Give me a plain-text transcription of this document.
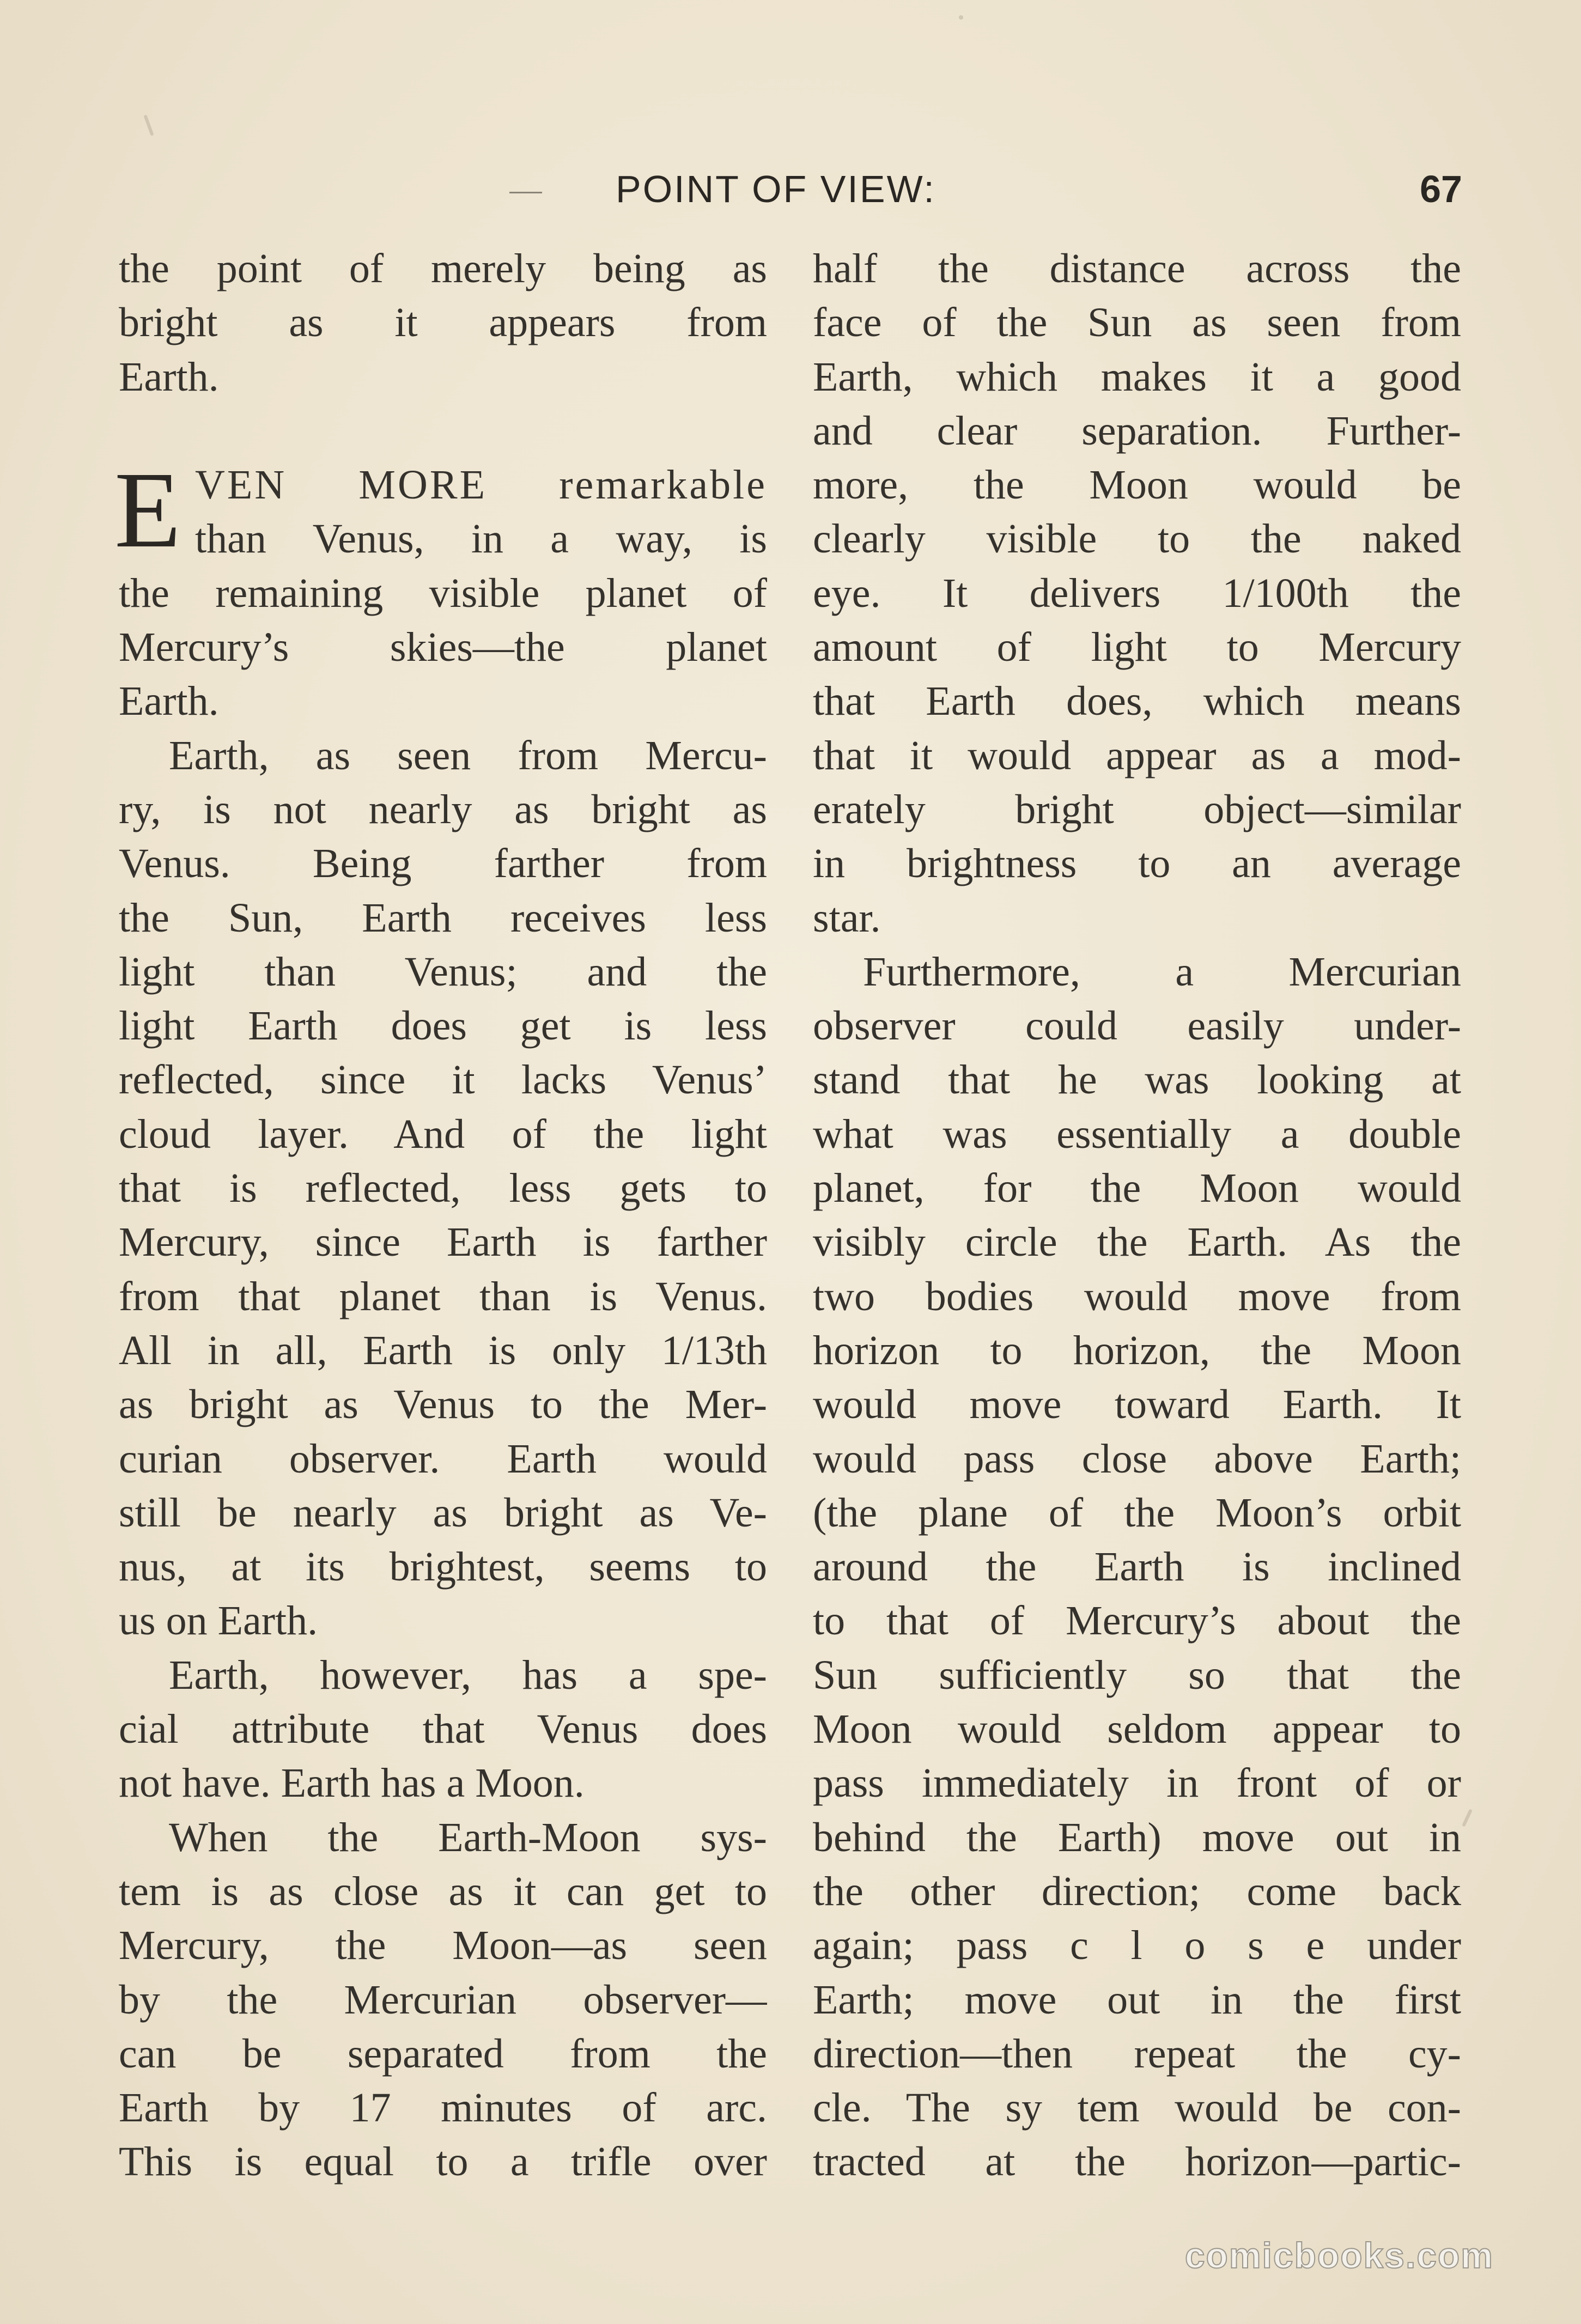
POINT OF VIEW:	67
the point of merely being as
bright as it appears from
Earth.
E VEN MORE remarkable
than Venus, in a way, is
the remaining visible planet of
Mercury’s skies—the planet
Earth.
Earth, as seen from Mercu-
ry, is not nearly as bright as
Venus. Being farther from
the Sun, Earth receives less
light than Venus; and the
light Earth does get is less
reflected, since it lacks Venus’
cloud layer. And of the light
that is reflected, less gets to
Mercury, since Earth is farther
from that planet than is Venus.
All in all, Earth is only 1/13th
as bright as Venus to the Mer-
curian observer. Earth would
still be nearly as bright as Ve-
nus, at its brightest, seems to
us on Earth.
Earth, however, has a spe-
cial attribute that Venus does
not have. Earth has a Moon.
When the Earth-Moon sys-
tem is as close as it can get to
Mercury, the Moon—as seen
by the Mercurian observer—
can be separated from the
Earth by 17 minutes of arc.
This is equal to a trifle over
half the distance across the
face of the Sun as seen from
Earth, which makes it a good
and clear separation. Further-
more, the Moon would be
clearly visible to the naked
eye. It delivers 1/100th the
amount of light to Mercury
that Earth does, which means
that it would appear as a mod-
erately bright object—similar
in brightness to an average
star.
Furthermore, a Mercurian
observer could easily under-
stand that he was looking at
what was essentially a double
planet, for the Moon would
visibly circle the Earth. As the
two bodies would move from
horizon to horizon, the Moon
would move toward Earth. It
would pass close above Earth;
(the plane of the Moon’s orbit
around the Earth is inclined
to that of Mercury’s about the
Sun sufficiently so that the
Moon would seldom appear to
pass immediately in front of or
behind the Earth) move out in
the other direction; come back
again; pass c l o s e under
Earth; move out in the first
direction—then repeat the cy-
cle. The sy tem would be con-
tracted at the horizon—partic-
comicbooks.com
